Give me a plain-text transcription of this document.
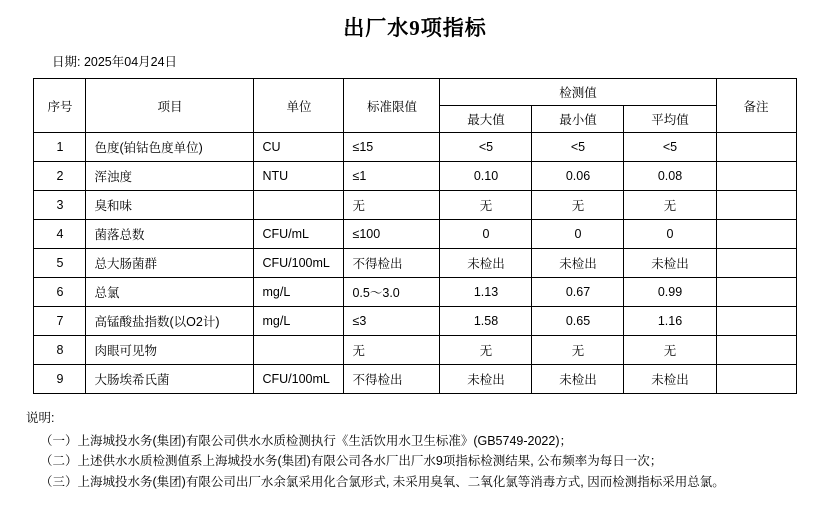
出厂水9项指标
日期: 2025年04月24日
序号	项目	单位	标准限值	检测值			备注
				最大值	最小值	平均值	
1	色度(铂钴色度单位)	CU	≤15	<5	<5	<5	
2	浑浊度	NTU	≤1	0.10	0.06	0.08	
3	臭和味		无	无	无	无	
4	菌落总数	CFU/mL	≤100	0	0	0	
5	总大肠菌群	CFU/100mL	不得检出	未检出	未检出	未检出	
6	总氯	mg/L	0.5～3.0	1.13	0.67	0.99	
7	高锰酸盐指数(以O2计)	mg/L	≤3	1.58	0.65	1.16	
8	肉眼可见物		无	无	无	无	
9	大肠埃希氏菌	CFU/100mL	不得检出	未检出	未检出	未检出	
说明:
（一）上海城投水务(集团)有限公司供水水质检测执行《生活饮用水卫生标准》(GB5749-2022)；
（二）上述供水水质检测值系上海城投水务(集团)有限公司各水厂出厂水9项指标检测结果, 公布频率为每日一次；
（三）上海城投水务(集团)有限公司出厂水余氯采用化合氯形式, 未采用臭氧、二氧化氯等消毒方式, 因而检测指标采用总氯。
